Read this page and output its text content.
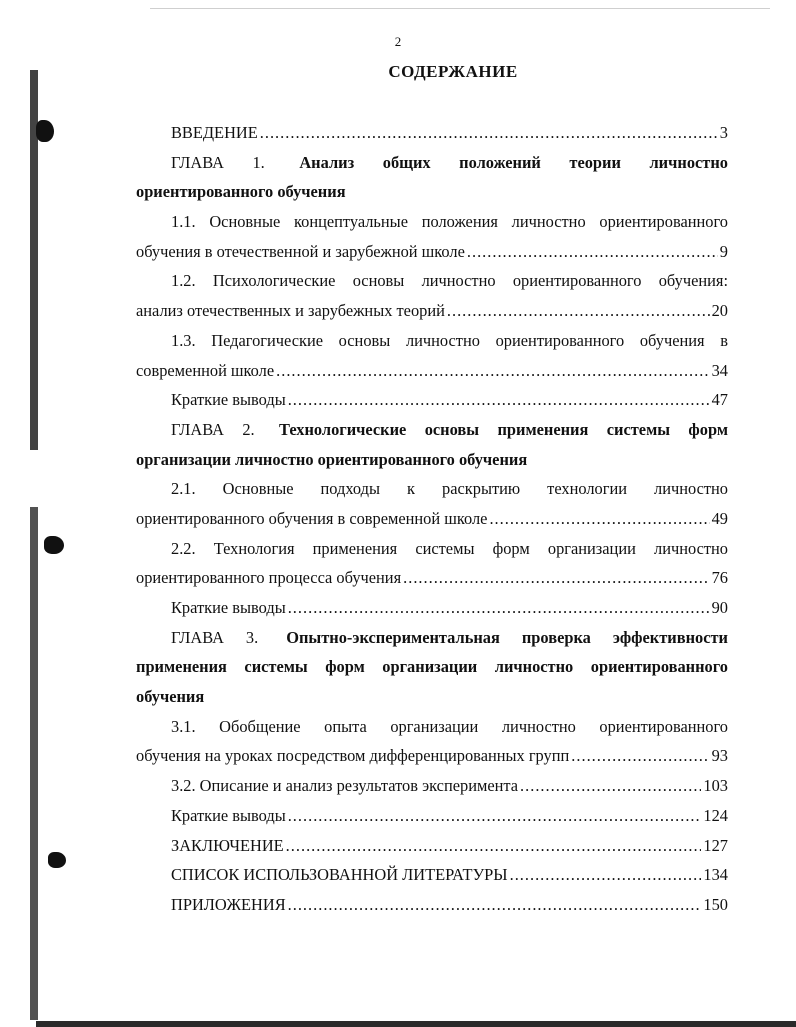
2
СОДЕРЖАНИЕ
ВВЕДЕНИЕ .....	3
ГЛАВА 1. Анализ общих положений теории личностно
ориентированного обучения
1.1. Основные концептуальные положения личностно ориентированного
обучения в отечественной и зарубежной школе .....	9
1.2. Психологические основы личностно ориентированного обучения:
анализ отечественных и зарубежных теорий .....	20
1.3. Педагогические основы личностно ориентированного обучения в
современной школе .....	34
Краткие выводы .....	47
ГЛАВА 2. Технологические основы применения системы форм
организации личностно ориентированного обучения
2.1. Основные подходы к раскрытию технологии личностно
ориентированного обучения в современной школе .....	49
2.2. Технология применения системы форм организации личностно
ориентированного процесса обучения .....	76
Краткие выводы .....	90
ГЛАВА 3. Опытно-экспериментальная проверка эффективности
применения системы форм организации личностно ориентированного
обучения
3.1. Обобщение опыта организации личностно ориентированного
обучения на уроках посредством дифференцированных групп .....	93
3.2. Описание и анализ результатов эксперимента .....	103
Краткие выводы .....	124
ЗАКЛЮЧЕНИЕ .....	127
СПИСОК ИСПОЛЬЗОВАННОЙ ЛИТЕРАТУРЫ .....	134
ПРИЛОЖЕНИЯ .....	150
